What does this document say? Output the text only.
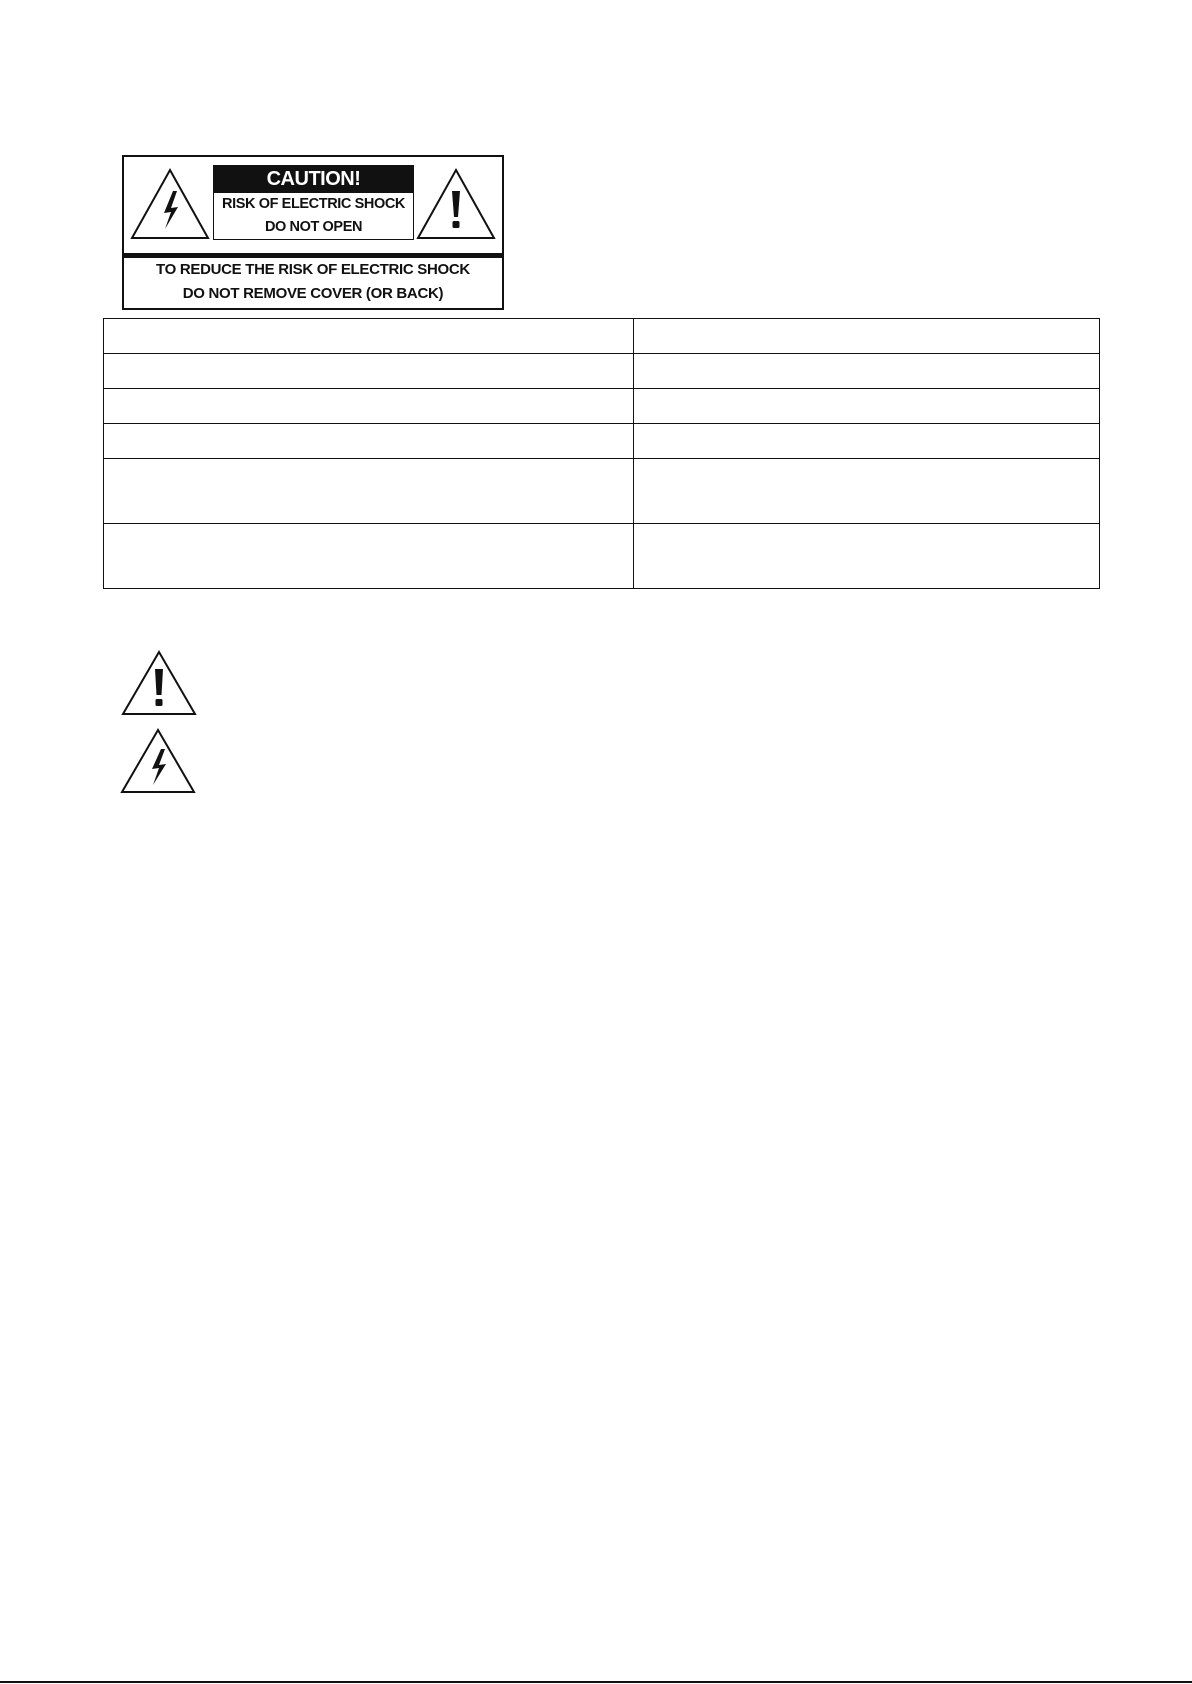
CAUTION!
RISK OF ELECTRIC SHOCK
DO NOT OPEN
TO REDUCE THE RISK OF ELECTRIC SHOCK
DO NOT REMOVE COVER (OR BACK)
